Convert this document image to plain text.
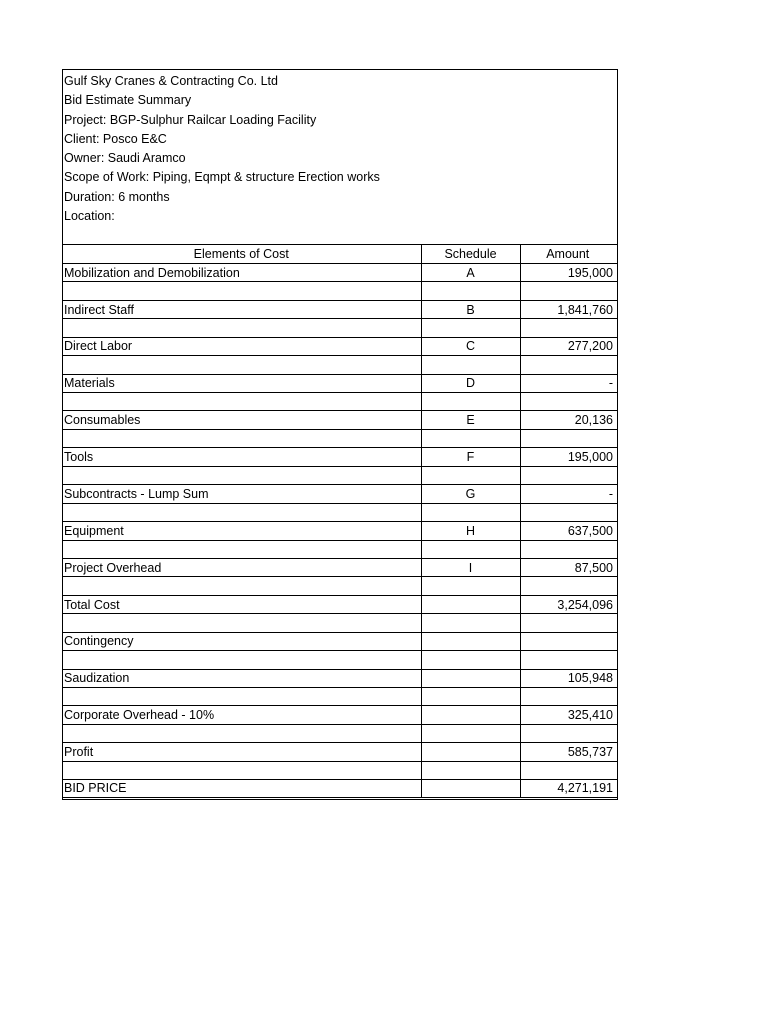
Gulf Sky Cranes & Contracting Co. Ltd
Bid Estimate Summary
Project: BGP-Sulphur Railcar Loading Facility
Client: Posco E&C
Owner: Saudi Aramco
Scope of Work: Piping, Eqmpt & structure Erection works
Duration: 6 months
Location:
Elements of Cost	Schedule	Amount
Mobilization and Demobilization	A	195,000

Indirect Staff	B	1,841,760

Direct Labor	C	277,200

Materials	D	-

Consumables	E	20,136

Tools	F	195,000

Subcontracts - Lump Sum	G	-

Equipment	H	637,500

Project Overhead	I	87,500

Total Cost		3,254,096

Contingency		

Saudization		105,948

Corporate Overhead - 10%		325,410

Profit		585,737

BID PRICE		4,271,191
